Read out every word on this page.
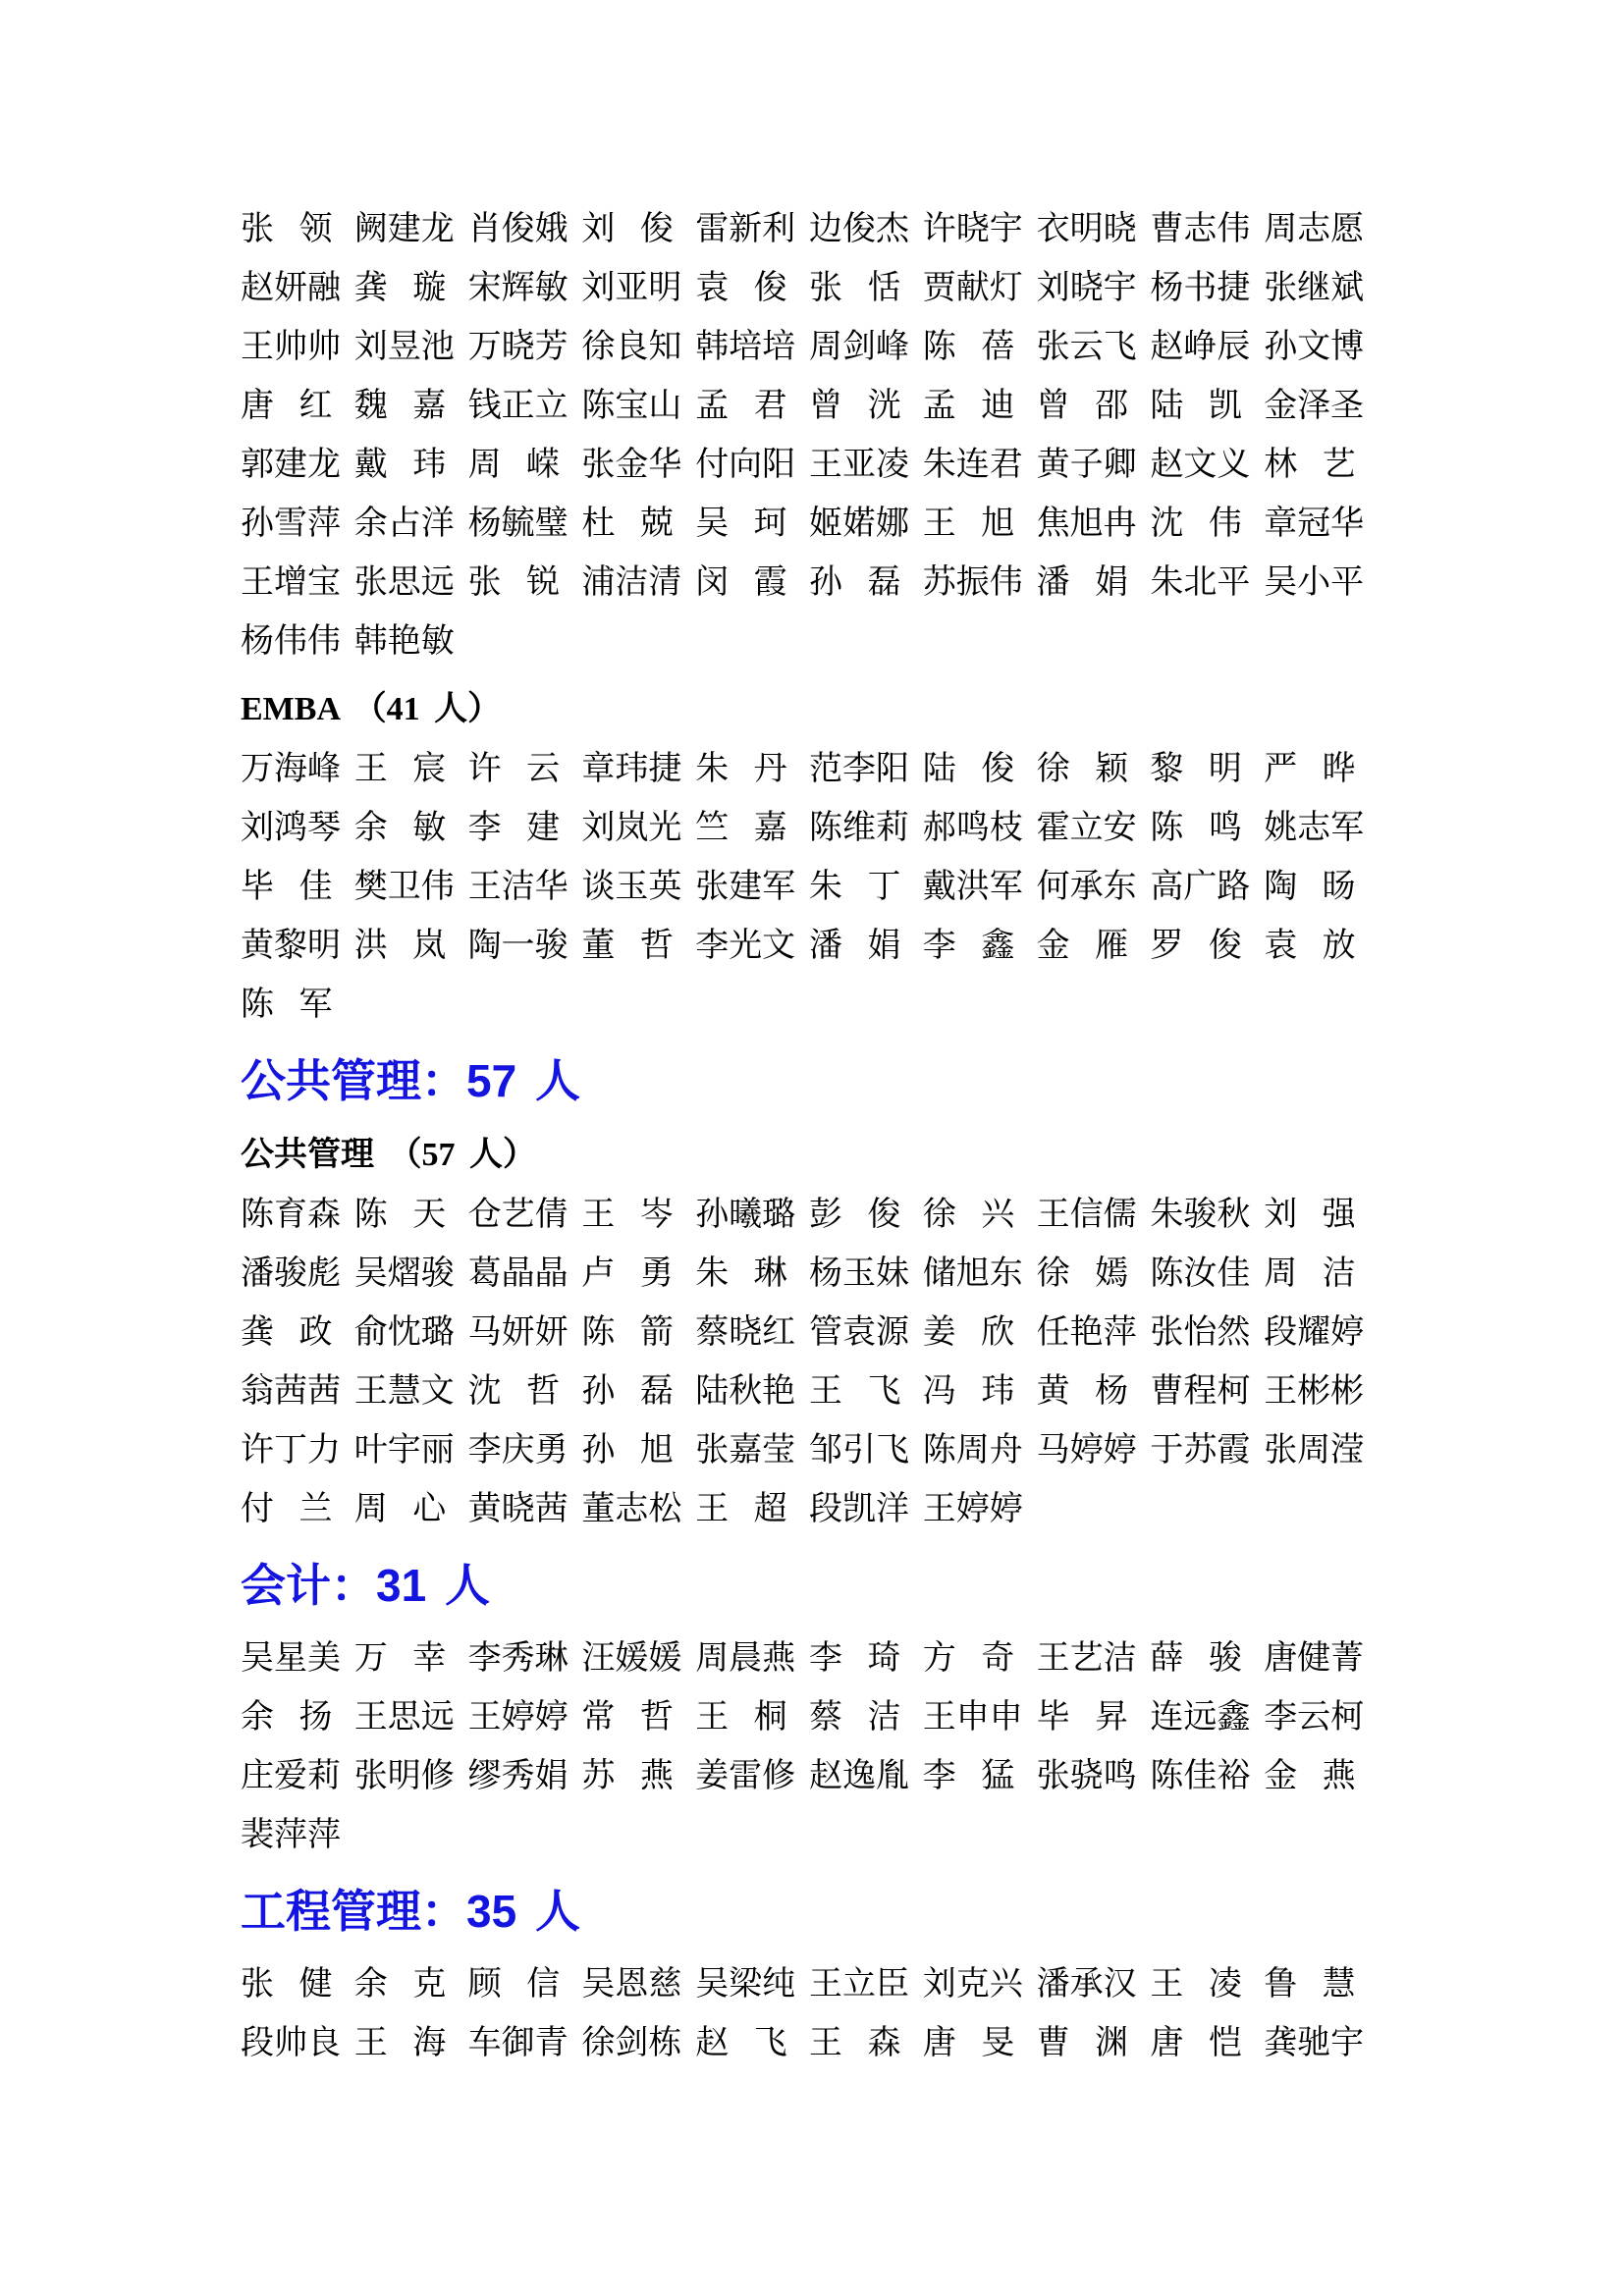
张 领 阙建龙 肖俊娥 刘 俊 雷新利 边俊杰 许晓宇 衣明晓 曹志伟 周志愿
赵妍融 龚 璇 宋辉敏 刘亚明 袁 俊 张 恬 贾献灯 刘晓宇 杨书捷 张继斌
王帅帅 刘昱池 万晓芳 徐良知 韩培培 周剑峰 陈 蓓 张云飞 赵峥辰 孙文博
唐 红 魏 嘉 钱正立 陈宝山 孟 君 曾 洸 孟 迪 曾 邵 陆 凯 金泽圣
郭建龙 戴 玮 周 嵘 张金华 付向阳 王亚凌 朱连君 黄子卿 赵文义 林 艺
孙雪萍 余占洋 杨毓璧 杜 兢 吴 珂 姬婼娜 王 旭 焦旭冉 沈 伟 章冠华
王增宝 张思远 张 锐 浦洁清 闵 霞 孙 磊 苏振伟 潘 娟 朱北平 吴小平
杨伟伟 韩艳敏
EMBA （41 人）
万海峰 王 宸 许 云 章玮捷 朱 丹 范李阳 陆 俊 徐 颖 黎 明 严 晔
刘鸿琴 余 敏 李 建 刘岚光 竺 嘉 陈维莉 郝鸣枝 霍立安 陈 鸣 姚志军
毕 佳 樊卫伟 王洁华 谈玉英 张建军 朱 丁 戴洪军 何承东 高广路 陶 旸
黄黎明 洪 岚 陶一骏 董 哲 李光文 潘 娟 李 鑫 金 雁 罗 俊 袁 放
陈 军
公共管理：57 人
公共管理 （57 人）
陈育森 陈 天 仓艺倩 王 岑 孙曦璐 彭 俊 徐 兴 王信儒 朱骏秋 刘 强
潘骏彪 吴熠骏 葛晶晶 卢 勇 朱 琳 杨玉妹 储旭东 徐 嫣 陈汝佳 周 洁
龚 政 俞忱璐 马妍妍 陈 箭 蔡晓红 管袁源 姜 欣 任艳萍 张怡然 段耀婷
翁茜茜 王慧文 沈 哲 孙 磊 陆秋艳 王 飞 冯 玮 黄 杨 曹程柯 王彬彬
许丁力 叶宇丽 李庆勇 孙 旭 张嘉莹 邹引飞 陈周舟 马婷婷 于苏霞 张周滢
付 兰 周 心 黄晓茜 董志松 王 超 段凯洋 王婷婷
会计：31 人
吴星美 万 幸 李秀琳 汪媛媛 周晨燕 李 琦 方 奇 王艺洁 薛 骏 唐健菁
余 扬 王思远 王婷婷 常 哲 王 桐 蔡 洁 王申申 毕 昇 连远鑫 李云柯
庄爱莉 张明修 缪秀娟 苏 燕 姜雷修 赵逸胤 李 猛 张骁鸣 陈佳裕 金 燕
裴萍萍
工程管理：35 人
张 健 余 克 顾 信 吴恩慈 吴梁纯 王立臣 刘克兴 潘承汉 王 凌 鲁 慧
段帅良 王 海 车御青 徐剑栋 赵 飞 王 森 唐 旻 曹 渊 唐 恺 龚驰宇
